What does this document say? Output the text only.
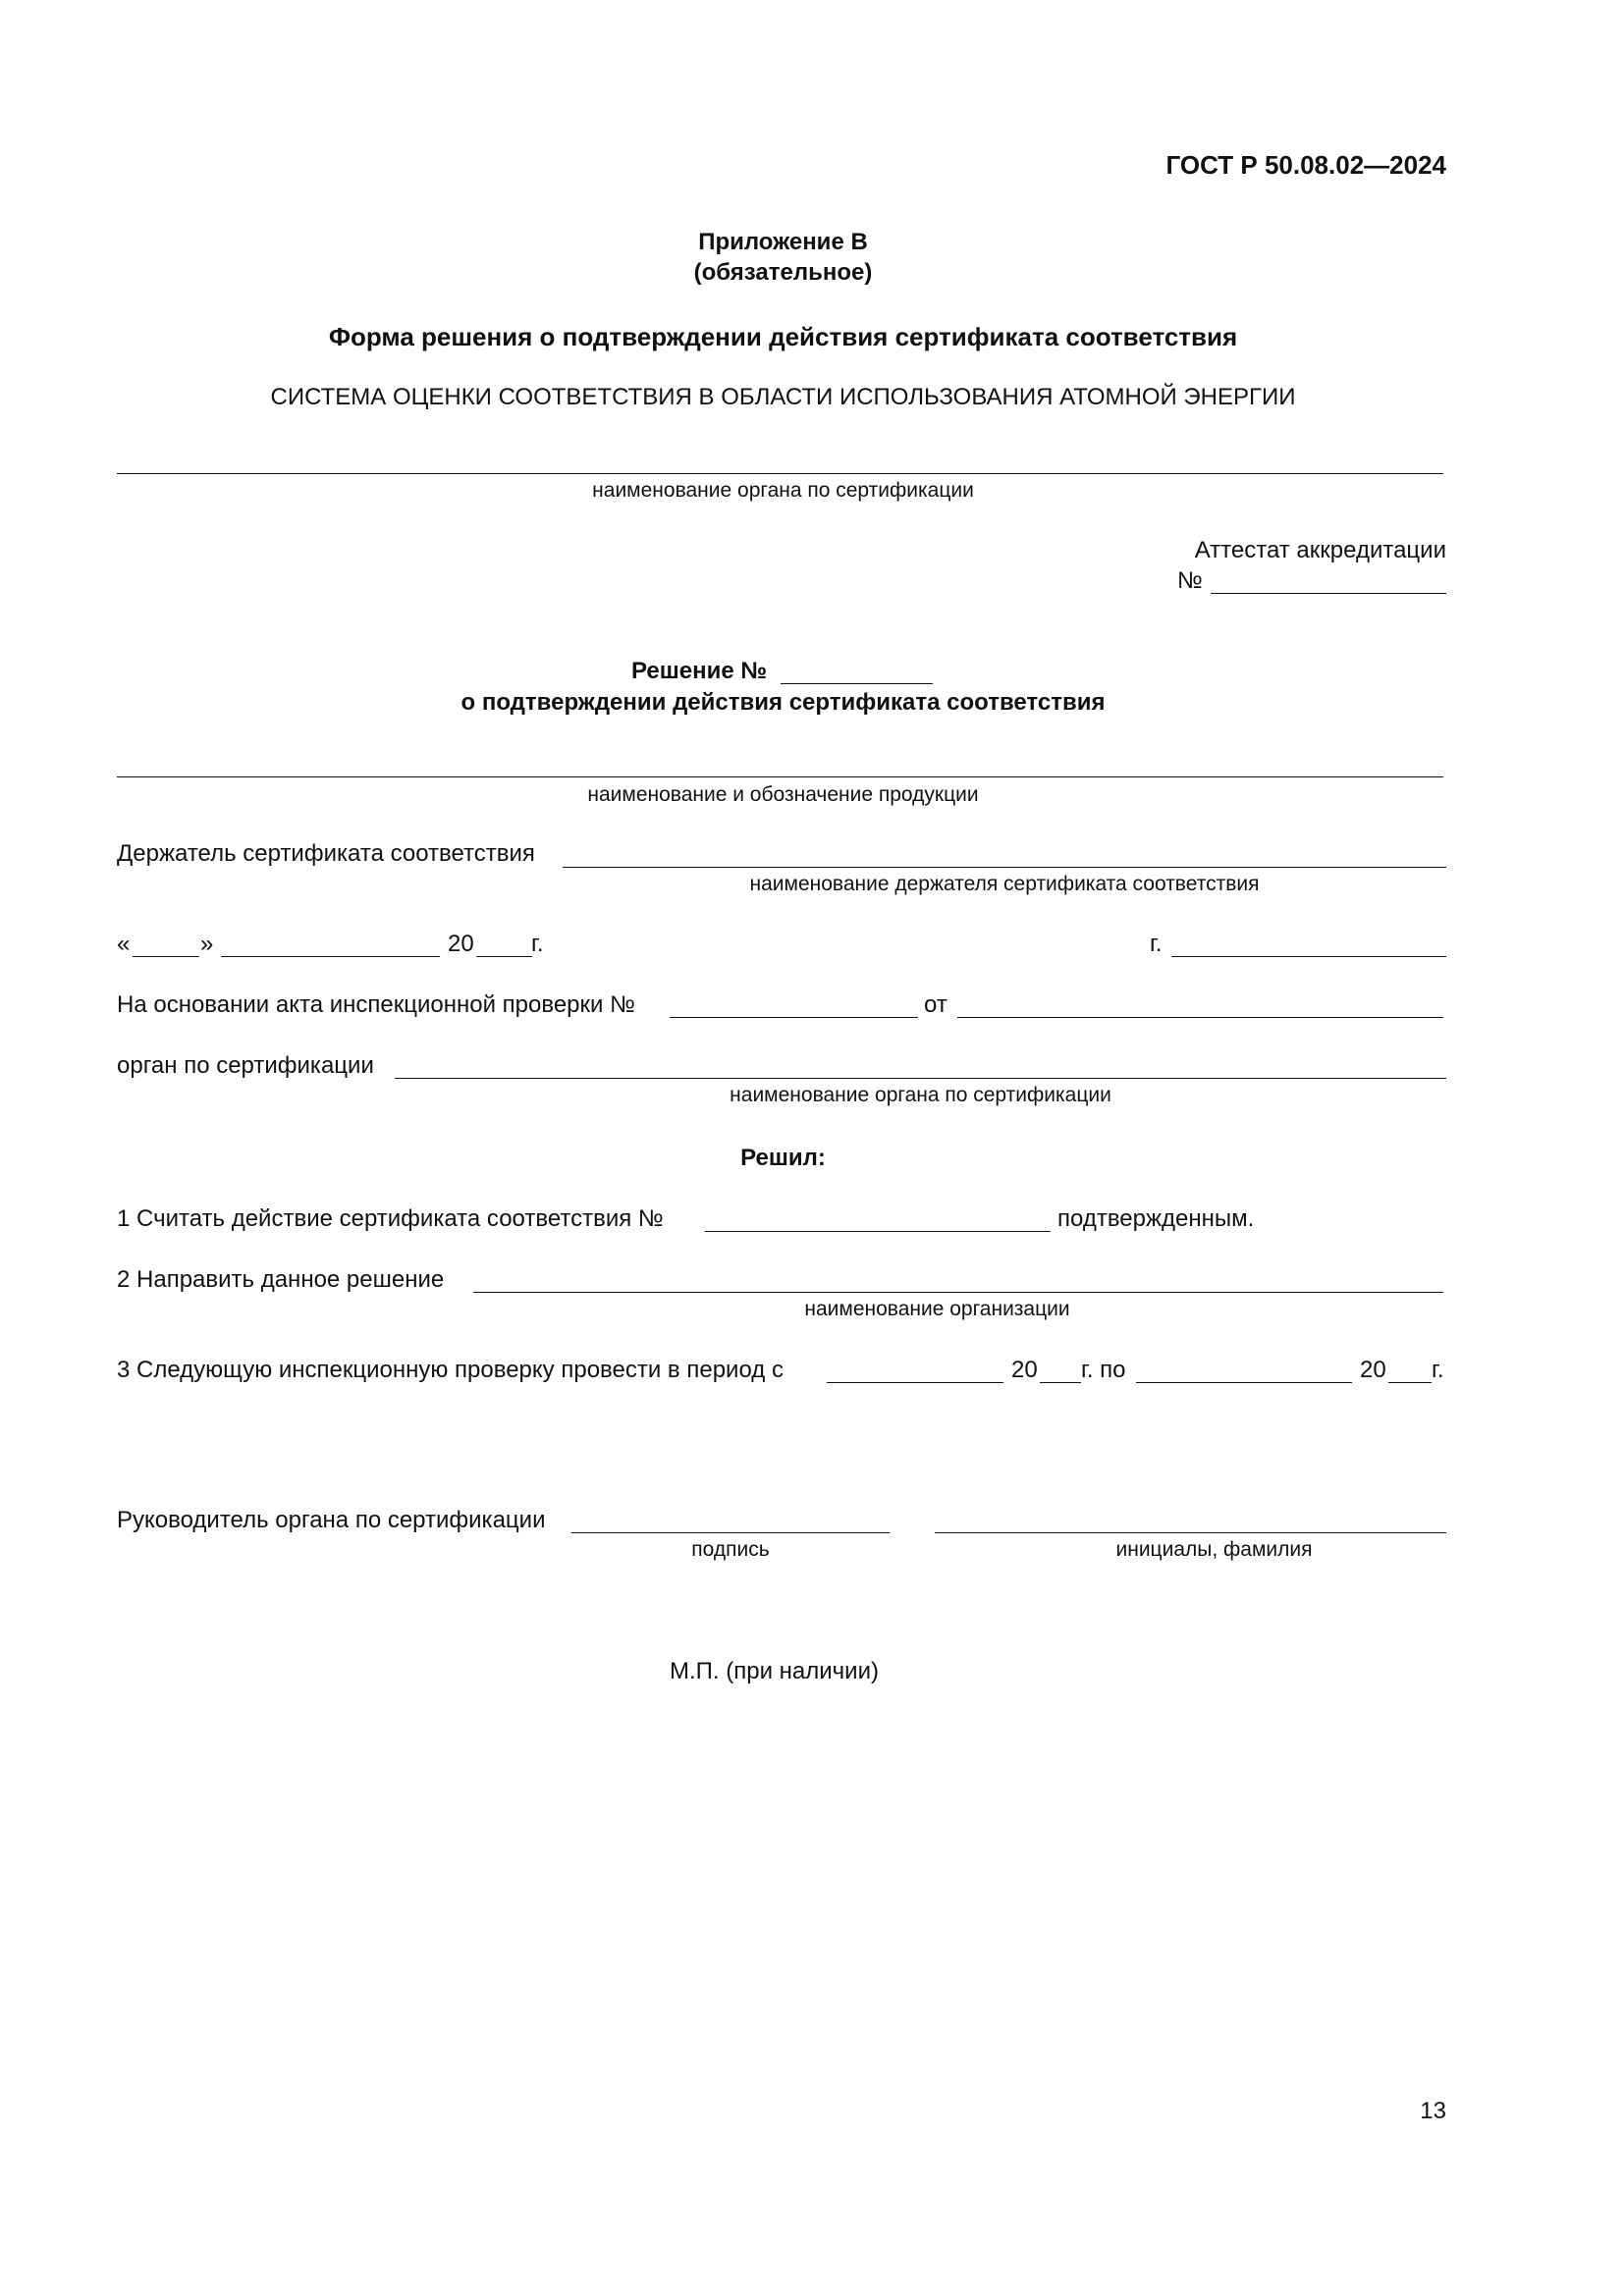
ГОСТ Р 50.08.02—2024
Приложение В
(обязательное)
Форма решения о подтверждении действия сертификата соответствия
СИСТЕМА ОЦЕНКИ СООТВЕТСТВИЯ В ОБЛАСТИ ИСПОЛЬЗОВАНИЯ АТОМНОЙ ЭНЕРГИИ
наименование органа по сертификации
Аттестат аккредитации
№
Решение №
о подтверждении действия сертификата соответствия
наименование и обозначение продукции
Держатель сертификата соответствия
наименование держателя сертификата соответствия
«	»	20 г.	г.
На основании акта инспекционной проверки №	от
орган по сертификации
наименование органа по сертификации
Решил:
1 Считать действие сертификата соответствия №	подтвержденным.
2 Направить данное решение
наименование организации
3 Следующую инспекционную проверку провести в период с	20 г. по	20 г.
Руководитель органа по сертификации
подпись	инициалы, фамилия
М.П. (при наличии)
13
